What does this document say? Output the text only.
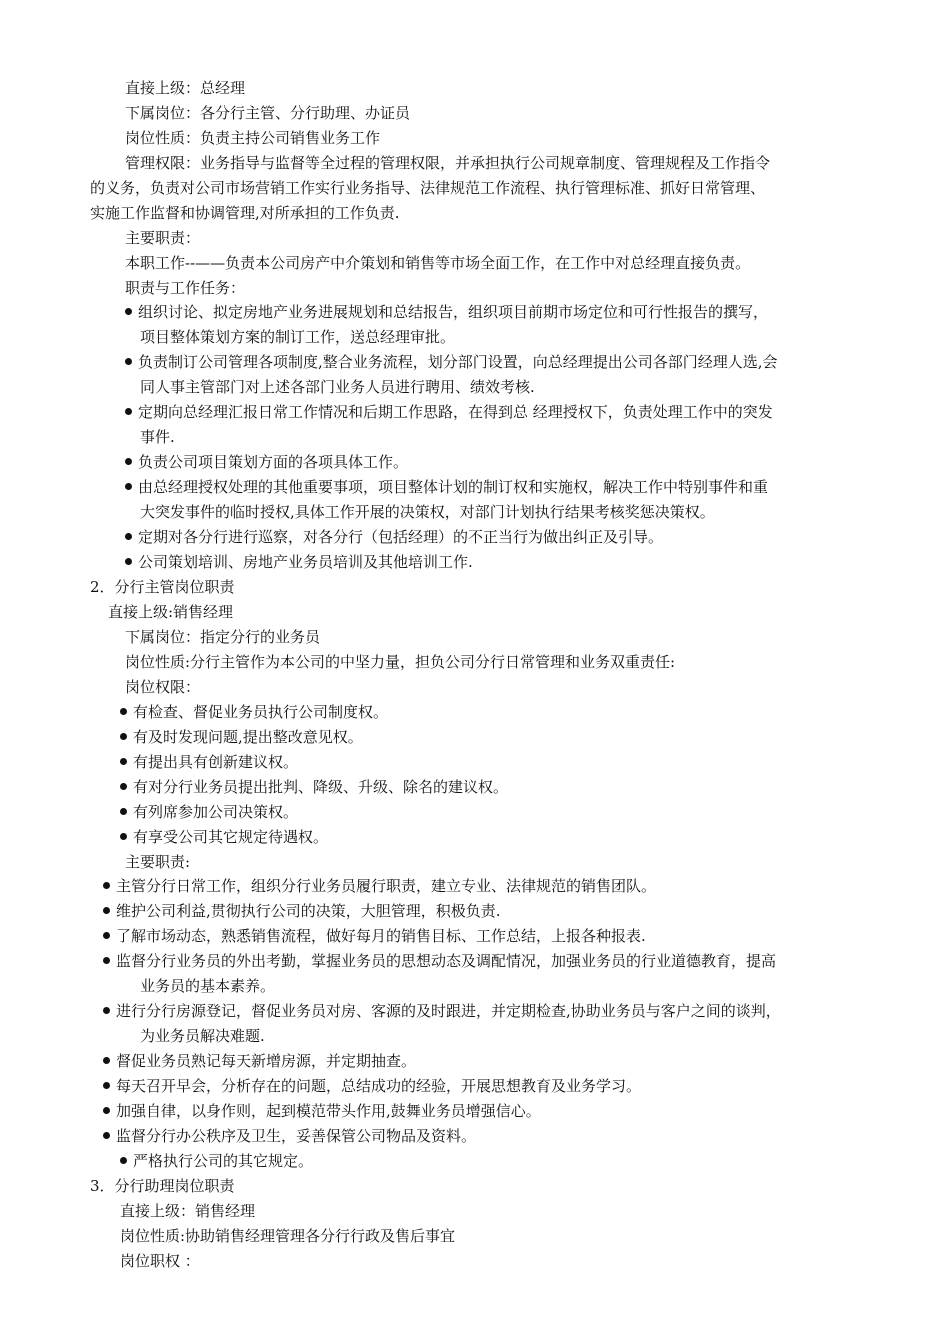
直接上级：总经理
下属岗位：各分行主管、分行助理、办证员
岗位性质：负责主持公司销售业务工作
管理权限：业务指导与监督等全过程的管理权限，并承担执行公司规章制度、管理规程及工作指令
的义务，负责对公司市场营销工作实行业务指导、法律规范工作流程、执行管理标准、抓好日常管理、
实施工作监督和协调管理,对所承担的工作负责.
主要职责：
本职工作--——负责本公司房产中介策划和销售等市场全面工作，在工作中对总经理直接负责。
职责与工作任务：
组织讨论、拟定房地产业务进展规划和总结报告，组织项目前期市场定位和可行性报告的撰写，
项目整体策划方案的制订工作，送总经理审批。
负责制订公司管理各项制度,整合业务流程，划分部门设置，向总经理提出公司各部门经理人选,会
同人事主管部门对上述各部门业务人员进行聘用、绩效考核.
定期向总经理汇报日常工作情况和后期工作思路，在得到总 经理授权下，负责处理工作中的突发
事件.
负责公司项目策划方面的各项具体工作。
由总经理授权处理的其他重要事项，项目整体计划的制订权和实施权，解决工作中特别事件和重
大突发事件的临时授权,具体工作开展的决策权，对部门计划执行结果考核奖惩决策权。
定期对各分行进行巡察，对各分行（包括经理）的不正当行为做出纠正及引导。
公司策划培训、房地产业务员培训及其他培训工作.
2．分行主管岗位职责
直接上级:销售经理
下属岗位：指定分行的业务员
岗位性质:分行主管作为本公司的中坚力量，担负公司分行日常管理和业务双重责任:
岗位权限：
有检查、督促业务员执行公司制度权。
有及时发现问题,提出整改意见权。
有提出具有创新建议权。
有对分行业务员提出批判、降级、升级、除名的建议权。
有列席参加公司决策权。
有享受公司其它规定待遇权。
主要职责:
主管分行日常工作，组织分行业务员履行职责，建立专业、法律规范的销售团队。
维护公司利益,贯彻执行公司的决策，大胆管理，积极负责.
了解市场动态，熟悉销售流程，做好每月的销售目标、工作总结，上报各种报表.
监督分行业务员的外出考勤，掌握业务员的思想动态及调配情况，加强业务员的行业道德教育，提高
业务员的基本素养。
进行分行房源登记，督促业务员对房、客源的及时跟进，并定期检查,协助业务员与客户之间的谈判，
为业务员解决难题.
督促业务员熟记每天新增房源，并定期抽查。
每天召开早会，分析存在的问题，总结成功的经验，开展思想教育及业务学习。
加强自律，以身作则，起到模范带头作用,鼓舞业务员增强信心。
监督分行办公秩序及卫生，妥善保管公司物品及资料。
严格执行公司的其它规定。
3．分行助理岗位职责
直接上级：销售经理
岗位性质:协助销售经理管理各分行行政及售后事宜
岗位职权 ：
